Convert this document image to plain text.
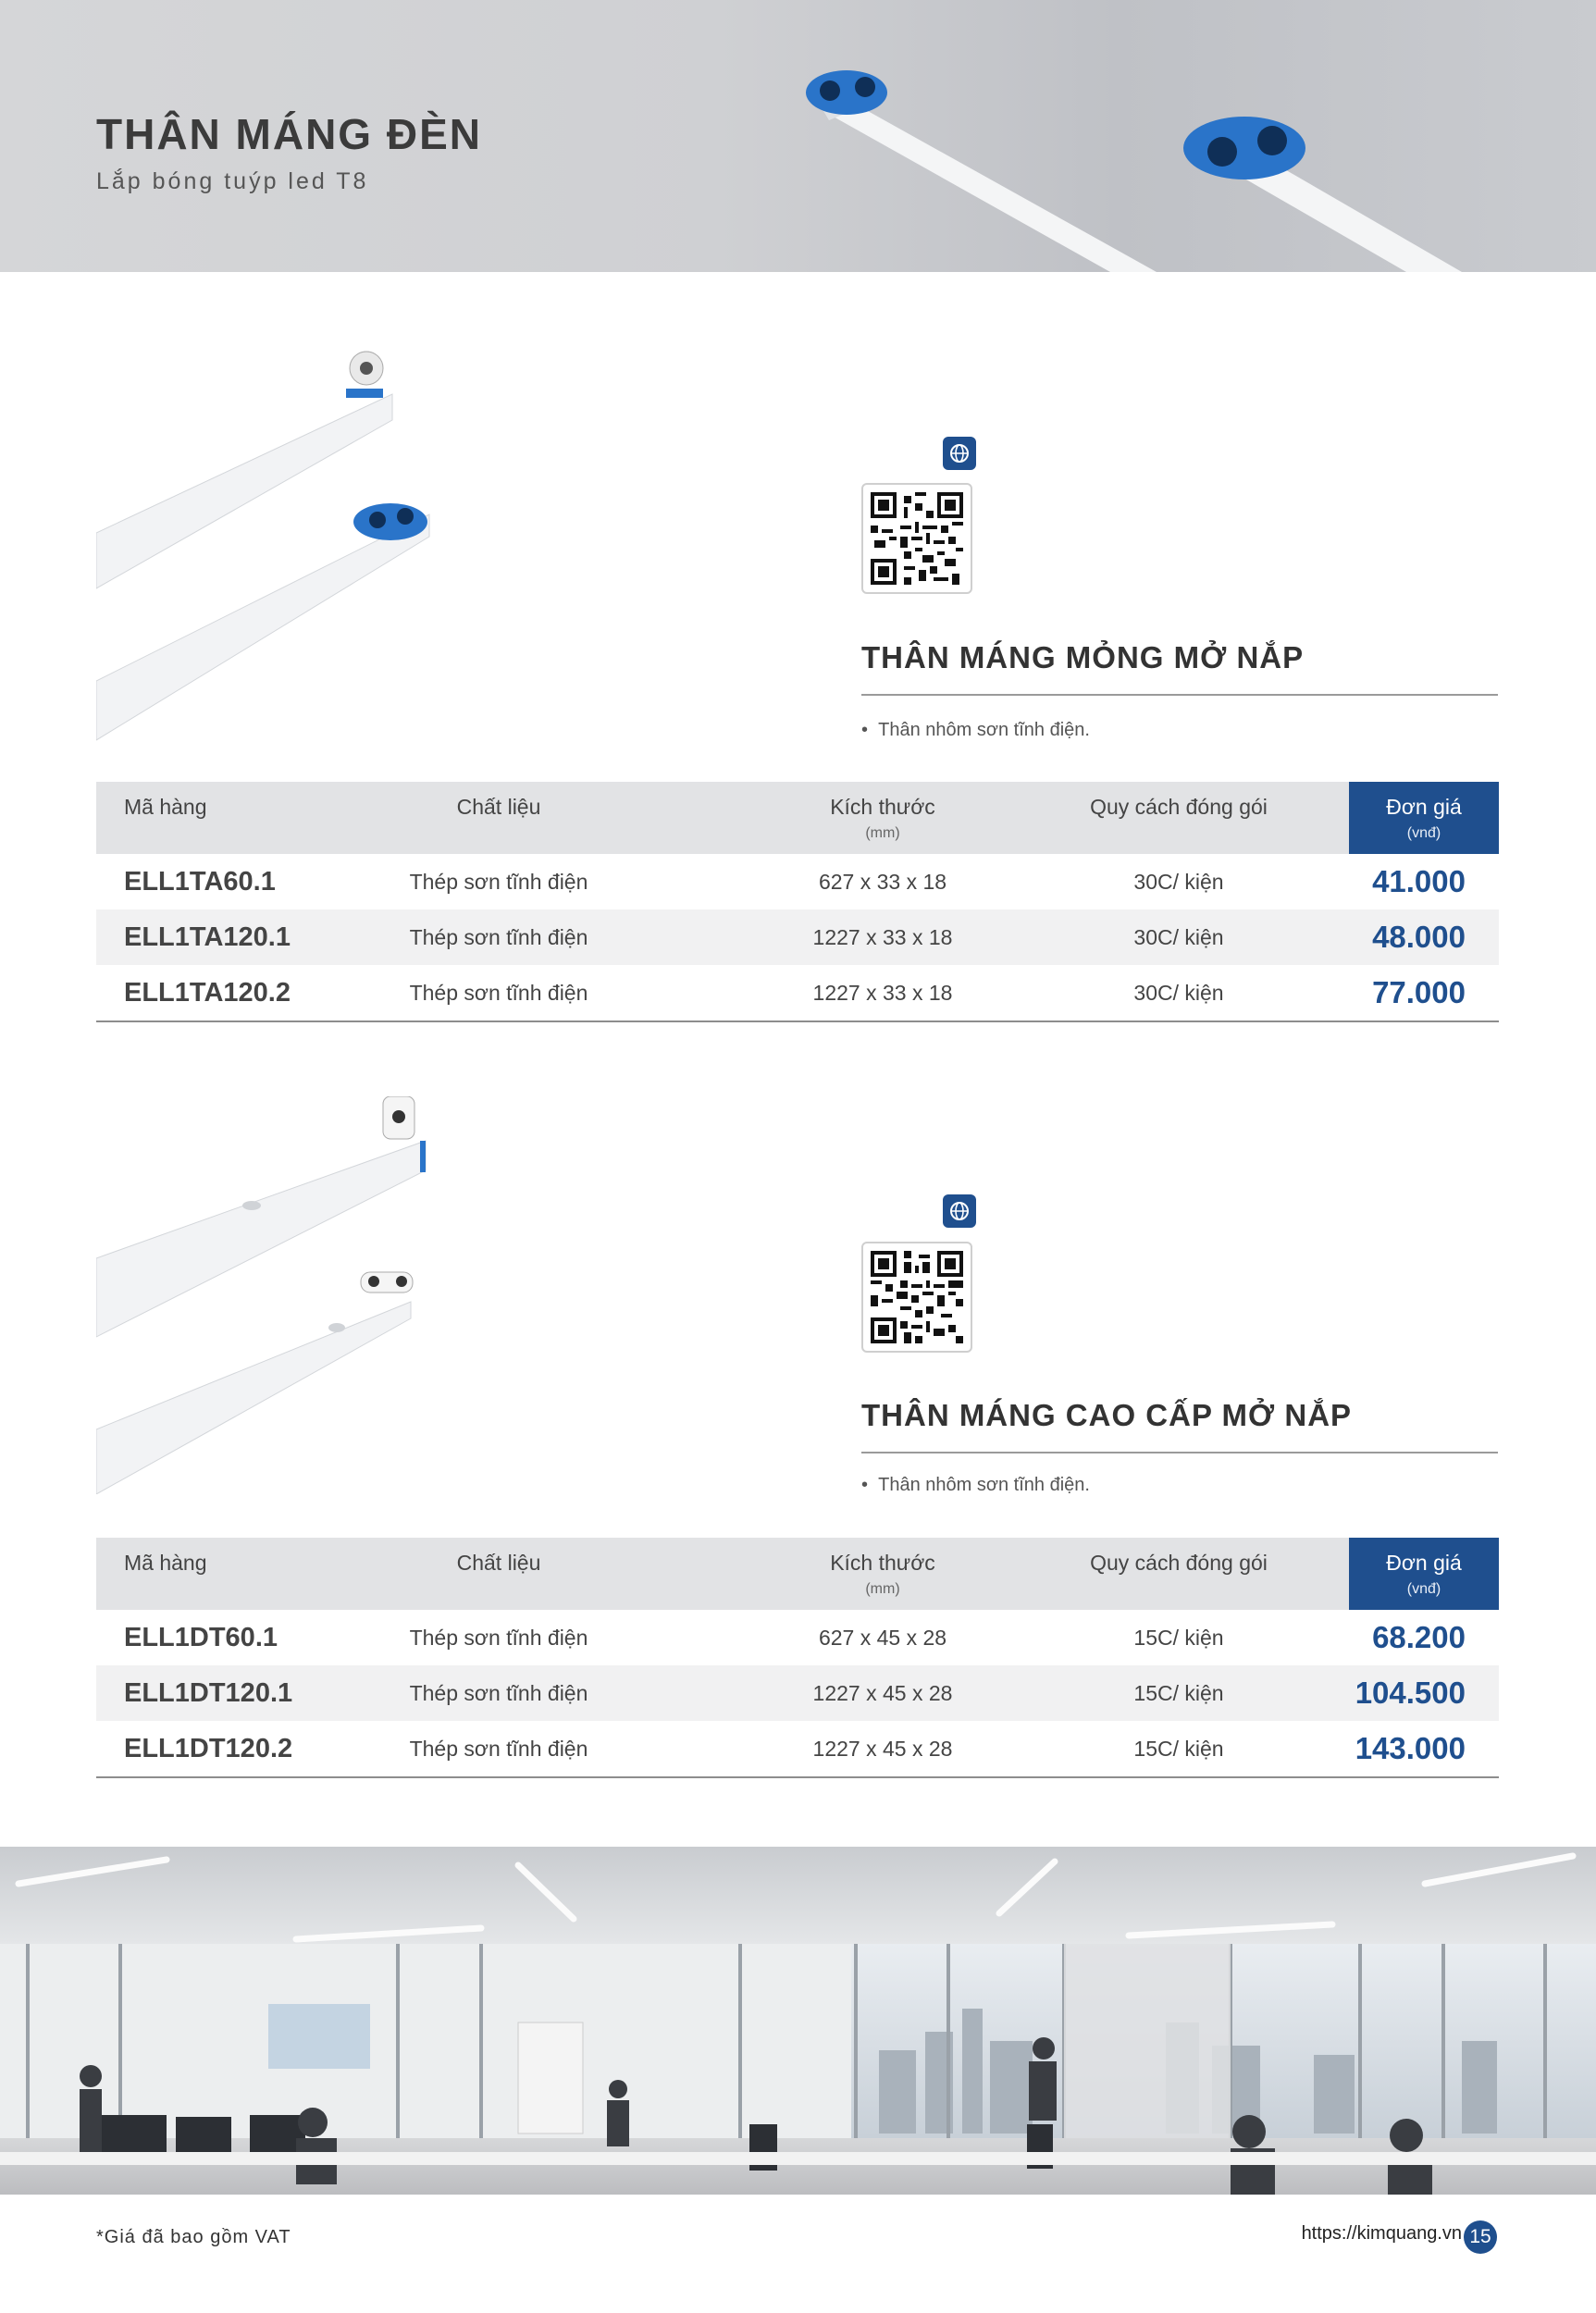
THÂN MÁNG ĐÈN
Lắp bóng tuýp led T8
THÂN MÁNG MỎNG MỞ NẮP
•  Thân nhôm sơn tĩnh điện.
Mã hàng	Chất liệu	Kích thước
(mm)
Quy cách đóng gói	Đơn giá
(vnđ)
ELL1TA60.1	Thép sơn tĩnh điện	627 x 33 x 18	30C/ kiện	41.000
ELL1TA120.1	Thép sơn tĩnh điện	1227 x 33 x 18	30C/ kiện	48.000
ELL1TA120.2	Thép sơn tĩnh điện	1227 x 33 x 18	30C/ kiện	77.000
THÂN MÁNG CAO CẤP MỞ NẮP
•  Thân nhôm sơn tĩnh điện.
Mã hàng	Chất liệu	Kích thước
(mm)
Quy cách đóng gói	Đơn giá
(vnđ)
ELL1DT60.1	Thép sơn tĩnh điện	627 x 45 x 28	15C/ kiện	68.200
ELL1DT120.1	Thép sơn tĩnh điện	1227 x 45 x 28	15C/ kiện	104.500
ELL1DT120.2	Thép sơn tĩnh điện	1227 x 45 x 28	15C/ kiện	143.000
*Giá đã bao gồm VAT	https://kimquang.vn 15
